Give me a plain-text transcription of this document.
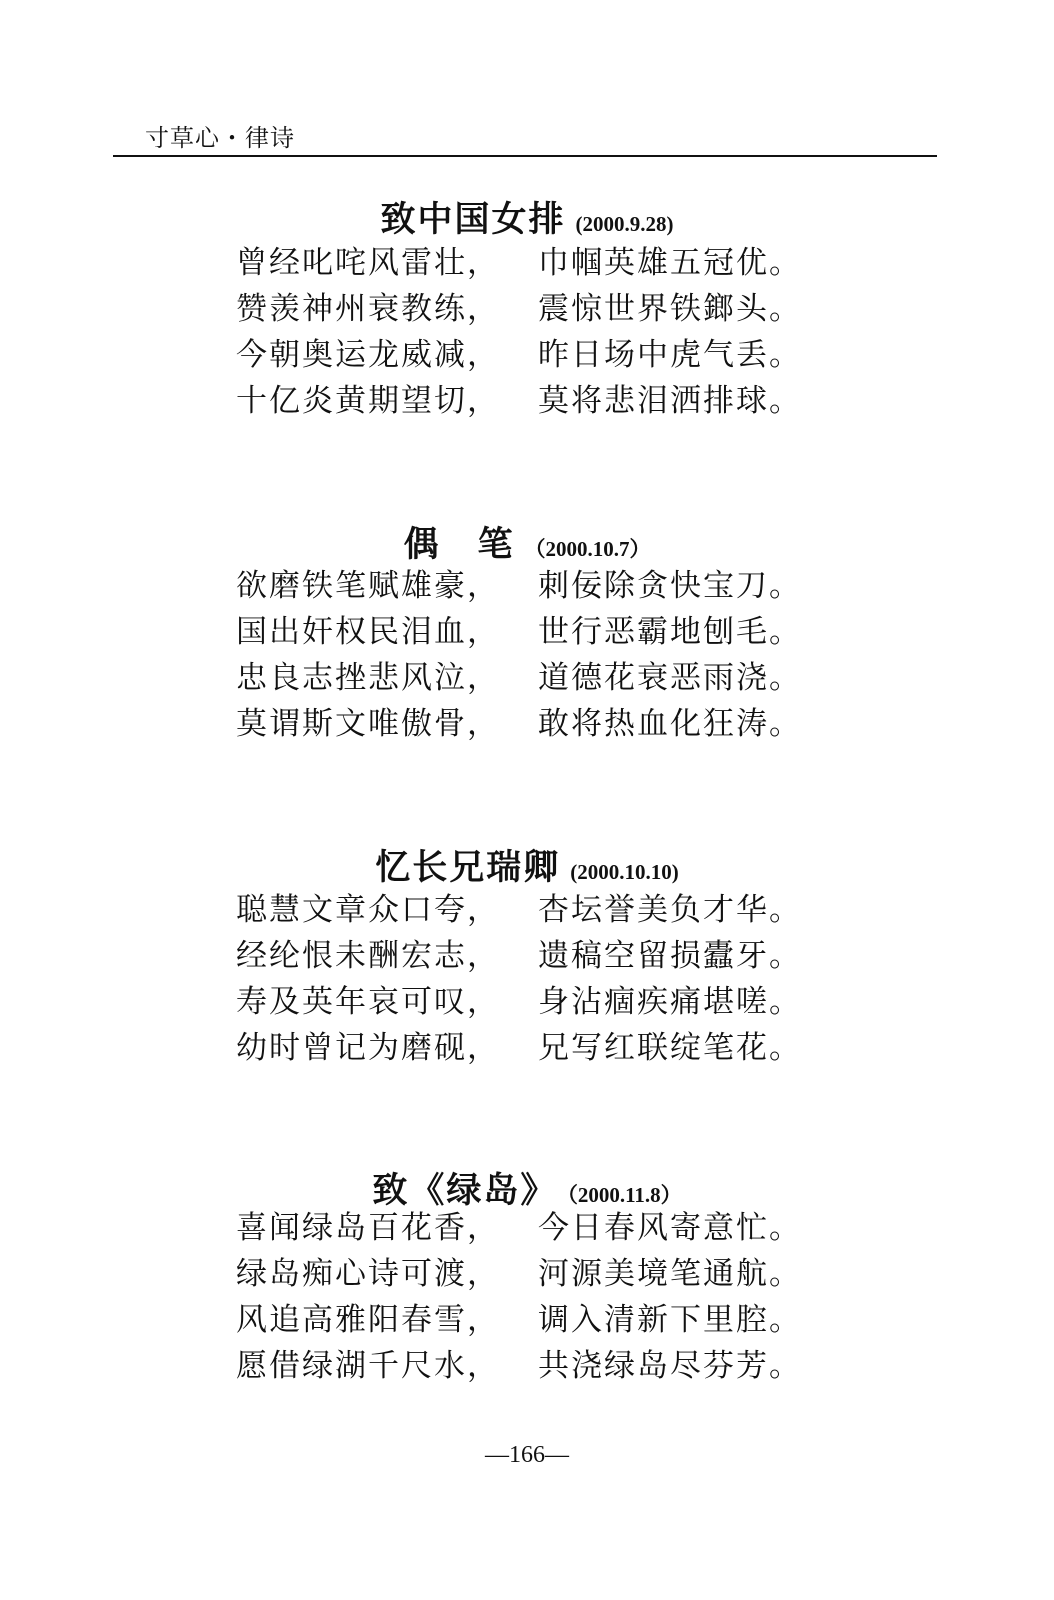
寸草心・律诗
致中国女排 (2000.9.28)
曾经叱咤风雷壮， 巾帼英雄五冠优。
赞羡神州衰教练， 震惊世界铁鎯头。
今朝奥运龙威减， 昨日场中虎气丢。
十亿炎黄期望切， 莫将悲泪洒排球。
偶　笔 （2000.10.7）
欲磨铁笔赋雄豪， 刺佞除贪快宝刀。
国出奸权民泪血， 世行恶霸地刨毛。
忠良志挫悲风泣， 道德花衰恶雨浇。
莫谓斯文唯傲骨， 敢将热血化狂涛。
忆长兄瑞卿 (2000.10.10)
聪慧文章众口夸， 杏坛誉美负才华。
经纶恨未酬宏志， 遗稿空留损蠹牙。
寿及英年哀可叹， 身沾痼疾痛堪嗟。
幼时曾记为磨砚， 兄写红联绽笔花。
致《绿岛》 （2000.11.8）
喜闻绿岛百花香， 今日春风寄意忙。
绿岛痴心诗可渡， 河源美境笔通航。
风追高雅阳春雪， 调入清新下里腔。
愿借绿湖千尺水， 共浇绿岛尽芬芳。
—166—
